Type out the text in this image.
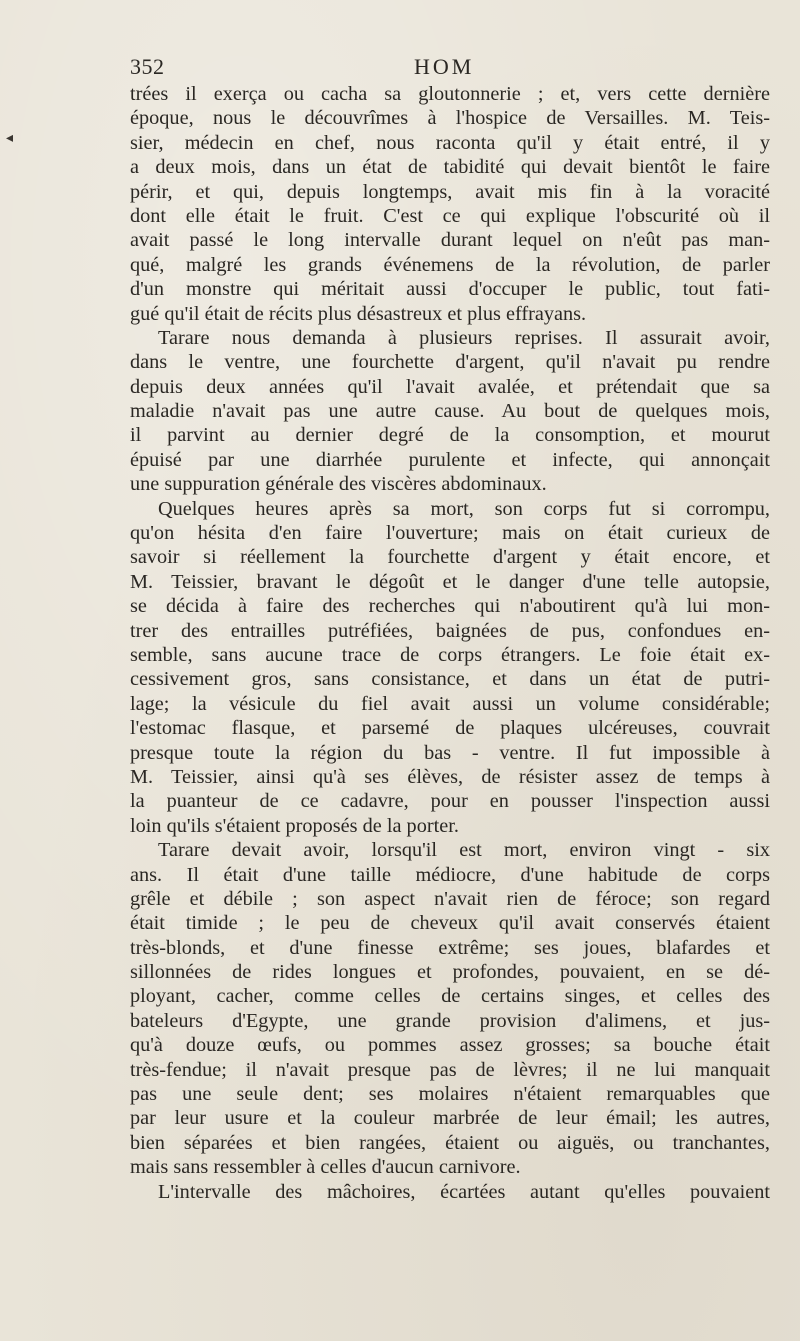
◂
352	HOM
trées il exerça ou cacha sa gloutonnerie ; et, vers cette dernière
époque, nous le découvrîmes à l'hospice de Versailles. M. Teis-
sier, médecin en chef, nous raconta qu'il y était entré, il y
a deux mois, dans un état de tabidité qui devait bientôt le faire
périr, et qui, depuis longtemps, avait mis fin à la voracité
dont elle était le fruit. C'est ce qui explique l'obscurité où il
avait passé le long intervalle durant lequel on n'eût pas man-
qué, malgré les grands événemens de la révolution, de parler
d'un monstre qui méritait aussi d'occuper le public, tout fati-
gué qu'il était de récits plus désastreux et plus effrayans.
Tarare nous demanda à plusieurs reprises. Il assurait avoir,
dans le ventre, une fourchette d'argent, qu'il n'avait pu rendre
depuis deux années qu'il l'avait avalée, et prétendait que sa
maladie n'avait pas une autre cause. Au bout de quelques mois,
il parvint au dernier degré de la consomption, et mourut
épuisé par une diarrhée purulente et infecte, qui annonçait
une suppuration générale des viscères abdominaux.
Quelques heures après sa mort, son corps fut si corrompu,
qu'on hésita d'en faire l'ouverture; mais on était curieux de
savoir si réellement la fourchette d'argent y était encore, et
M. Teissier, bravant le dégoût et le danger d'une telle autopsie,
se décida à faire des recherches qui n'aboutirent qu'à lui mon-
trer des entrailles putréfiées, baignées de pus, confondues en-
semble, sans aucune trace de corps étrangers. Le foie était ex-
cessivement gros, sans consistance, et dans un état de putri-
lage; la vésicule du fiel avait aussi un volume considérable;
l'estomac flasque, et parsemé de plaques ulcéreuses, couvrait
presque toute la région du bas - ventre. Il fut impossible à
M. Teissier, ainsi qu'à ses élèves, de résister assez de temps à
la puanteur de ce cadavre, pour en pousser l'inspection aussi
loin qu'ils s'étaient proposés de la porter.
Tarare devait avoir, lorsqu'il est mort, environ vingt - six
ans. Il était d'une taille médiocre, d'une habitude de corps
grêle et débile ; son aspect n'avait rien de féroce; son regard
était timide ; le peu de cheveux qu'il avait conservés étaient
très-blonds, et d'une finesse extrême; ses joues, blafardes et
sillonnées de rides longues et profondes, pouvaient, en se dé-
ployant, cacher, comme celles de certains singes, et celles des
bateleurs d'Egypte, une grande provision d'alimens, et jus-
qu'à douze œufs, ou pommes assez grosses; sa bouche était
très-fendue; il n'avait presque pas de lèvres; il ne lui manquait
pas une seule dent; ses molaires n'étaient remarquables que
par leur usure et la couleur marbrée de leur émail; les autres,
bien séparées et bien rangées, étaient ou aiguës, ou tranchantes,
mais sans ressembler à celles d'aucun carnivore.
L'intervalle des mâchoires, écartées autant qu'elles pouvaient
